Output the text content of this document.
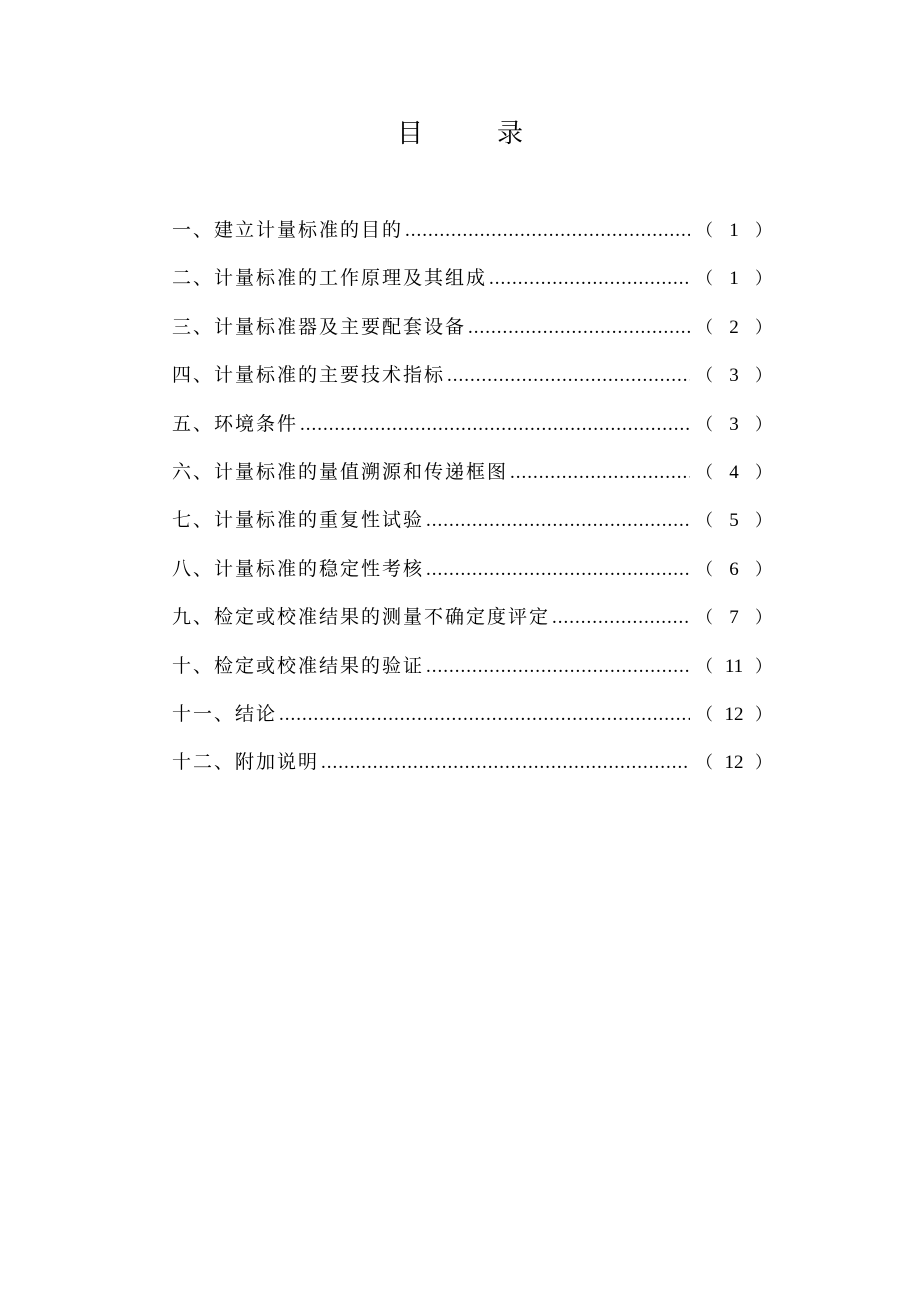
目	录
一、建立计量标准的目的 .....	（ 1 ）
二、计量标准的工作原理及其组成 .....	（ 1 ）
三、计量标准器及主要配套设备 .....	（ 2 ）
四、计量标准的主要技术指标 .....	（ 3 ）
五、环境条件 .....	（ 3 ）
六、计量标准的量值溯源和传递框图 .....	（ 4 ）
七、计量标准的重复性试验 .....	（ 5 ）
八、计量标准的稳定性考核 .....	（ 6 ）
九、检定或校准结果的测量不确定度评定 .....	（ 7 ）
十、检定或校准结果的验证 .....	（ 11 ）
十一、结论 .....	（ 12 ）
十二、附加说明 .....	（ 12 ）
